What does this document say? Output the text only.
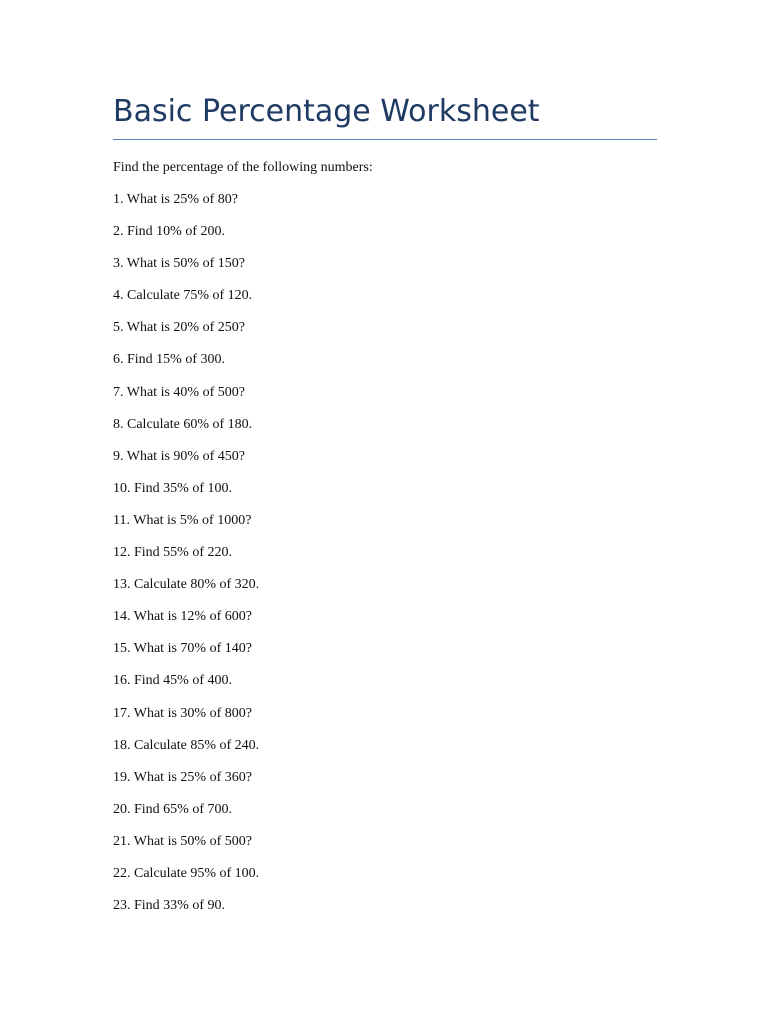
Basic Percentage Worksheet

Find the percentage of the following numbers:

1. What is 25% of 80?
2. Find 10% of 200.
3. What is 50% of 150?
4. Calculate 75% of 120.
5. What is 20% of 250?
6. Find 15% of 300.
7. What is 40% of 500?
8. Calculate 60% of 180.
9. What is 90% of 450?
10. Find 35% of 100.
11. What is 5% of 1000?
12. Find 55% of 220.
13. Calculate 80% of 320.
14. What is 12% of 600?
15. What is 70% of 140?
16. Find 45% of 400.
17. What is 30% of 800?
18. Calculate 85% of 240.
19. What is 25% of 360?
20. Find 65% of 700.
21. What is 50% of 500?
22. Calculate 95% of 100.
23. Find 33% of 90.
